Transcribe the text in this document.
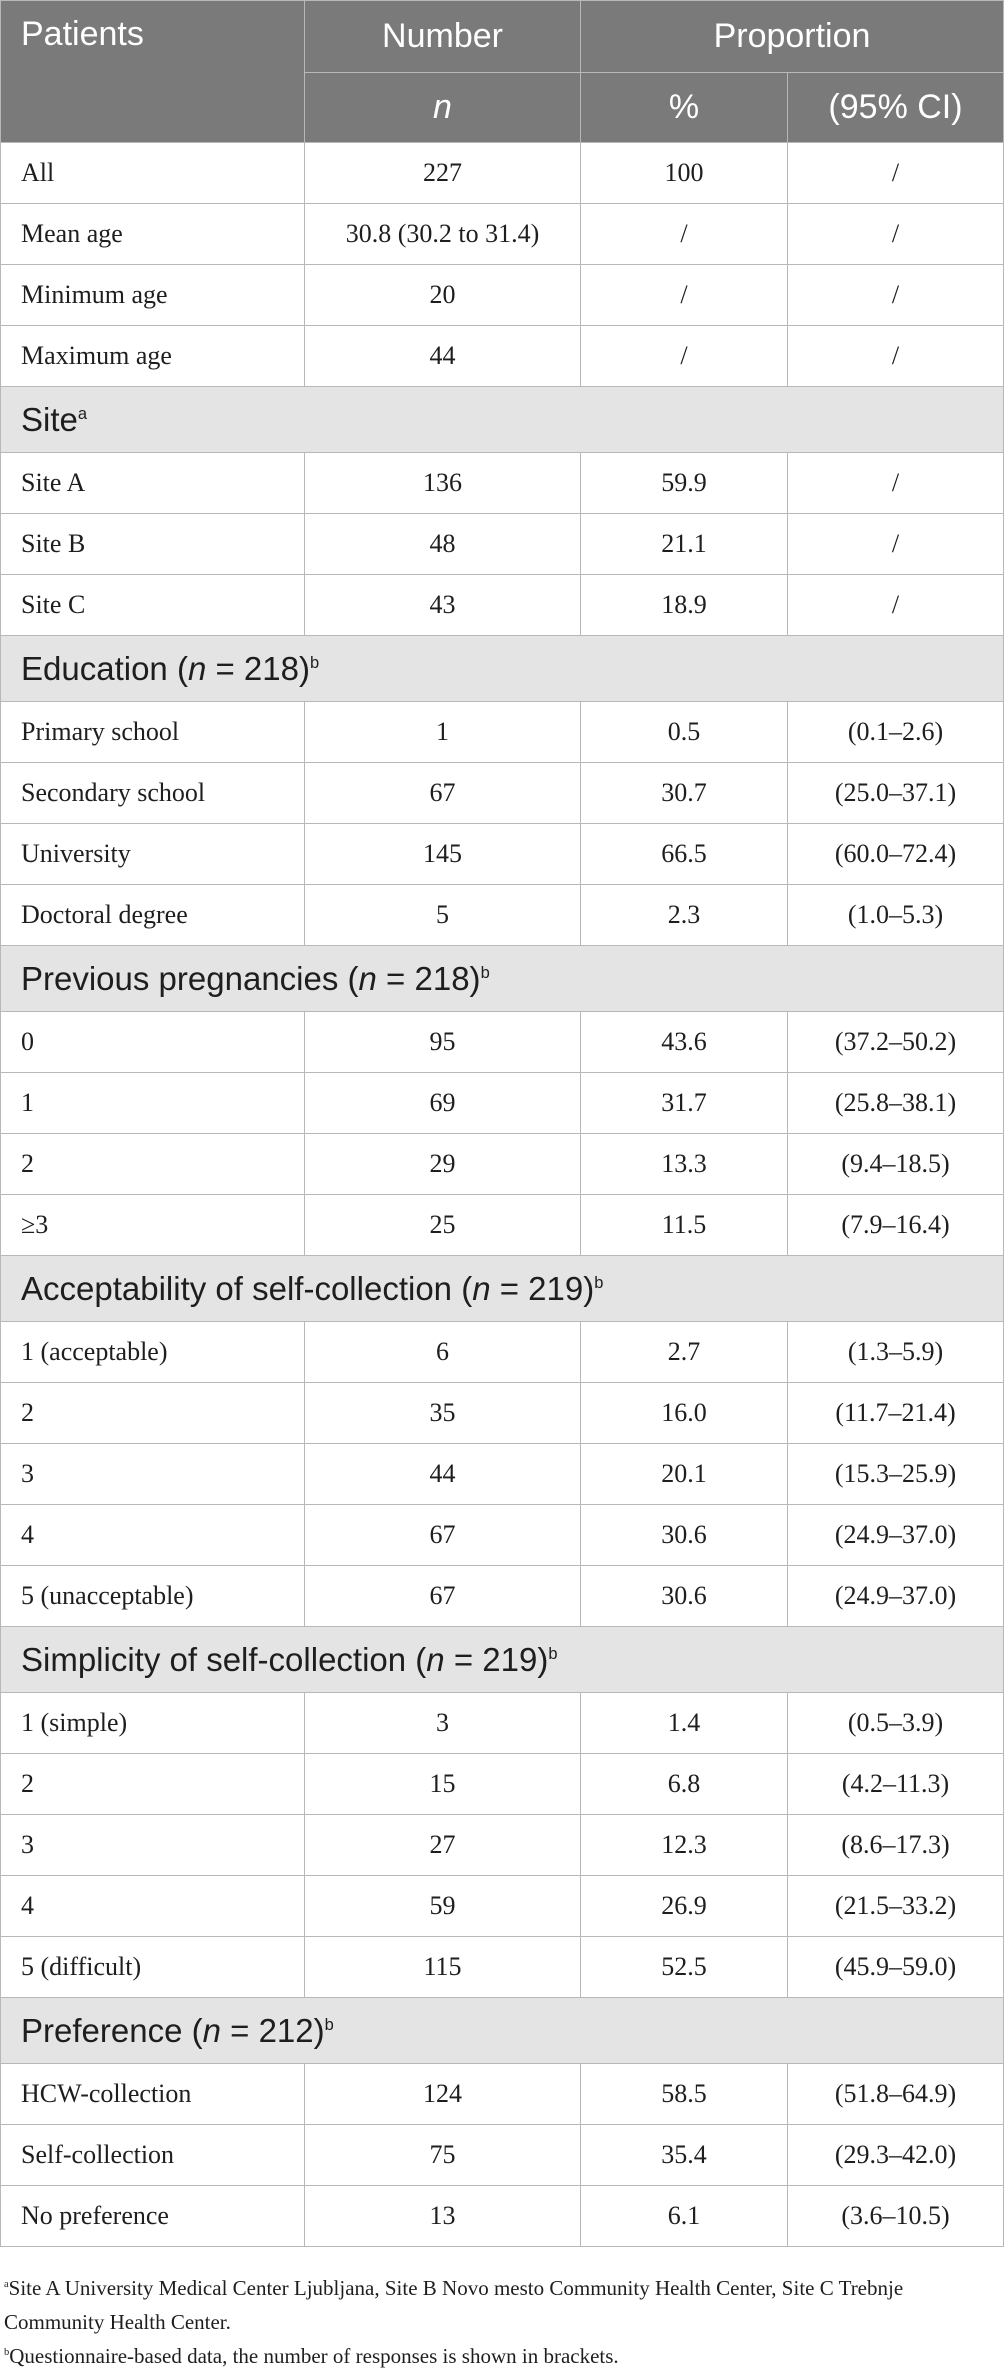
Patients	Number	Proportion	
	n	%	(95% CI)
All	227	100	/
Mean age	30.8 (30.2 to 31.4)	/	/
Minimum age	20	/	/
Maximum age	44	/	/
Site$^a$
Site A	136	59.9	/
Site B	48	21.1	/
Site C	43	18.9	/
Education (n = 218)$^b$
Primary school	1	0.5	(0.1–2.6)
Secondary school	67	30.7	(25.0–37.1)
University	145	66.5	(60.0–72.4)
Doctoral degree	5	2.3	(1.0–5.3)
Previous pregnancies (n = 218)$^b$
0	95	43.6	(37.2–50.2)
1	69	31.7	(25.8–38.1)
2	29	13.3	(9.4–18.5)
≥3	25	11.5	(7.9–16.4)
Acceptability of self-collection (n = 219)$^b$
1 (acceptable)	6	2.7	(1.3–5.9)
2	35	16.0	(11.7–21.4)
3	44	20.1	(15.3–25.9)
4	67	30.6	(24.9–37.0)
5 (unacceptable)	67	30.6	(24.9–37.0)
Simplicity of self-collection (n = 219)$^b$
1 (simple)	3	1.4	(0.5–3.9)
2	15	6.8	(4.2–11.3)
3	27	12.3	(8.6–17.3)
4	59	26.9	(21.5–33.2)
5 (difficult)	115	52.5	(45.9–59.0)
Preference (n = 212)$^b$
HCW-collection	124	58.5	(51.8–64.9)
Self-collection	75	35.4	(29.3–42.0)
No preference	13	6.1	(3.6–10.5)

$^a$Site A University Medical Center Ljubljana, Site B Novo mesto Community Health Center, Site C Trebnje Community Health Center.

$^b$Questionnaire-based data, the number of responses is shown in brackets.
